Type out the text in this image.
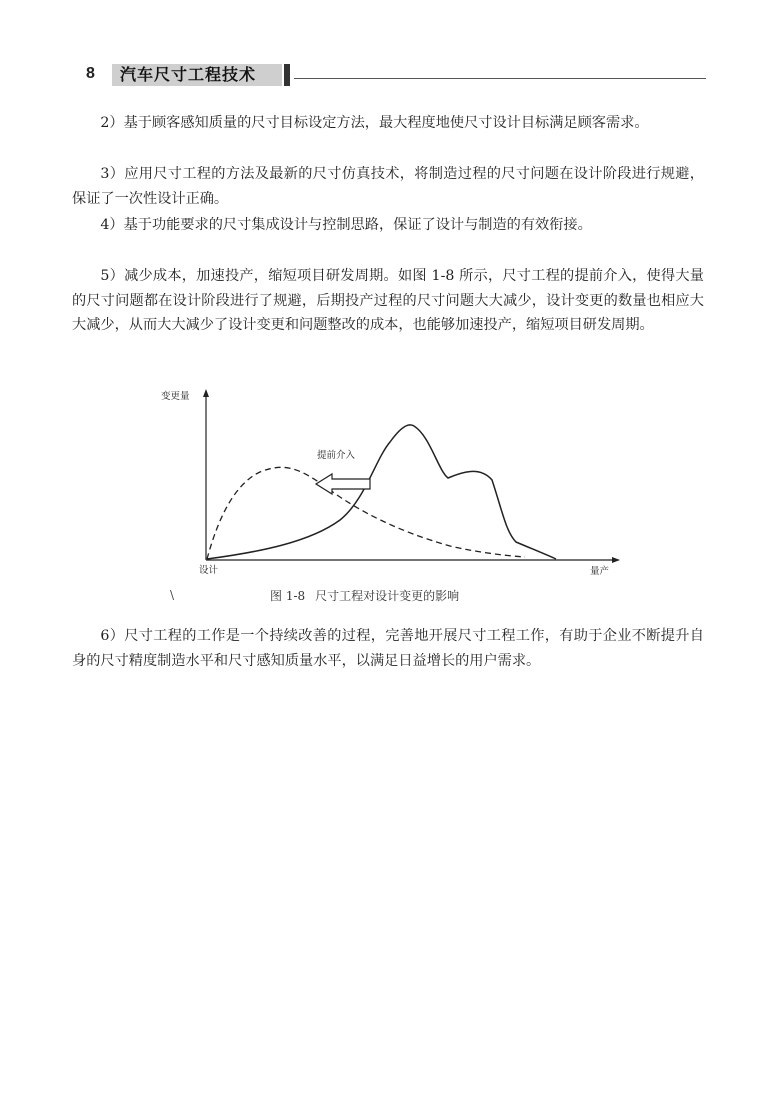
8	汽车尺寸工程技术

2）基于顾客感知质量的尺寸目标设定方法，最大程度地使尺寸设计目标满足顾客需求。

3）应用尺寸工程的方法及最新的尺寸仿真技术，将制造过程的尺寸问题在设计阶段进行规避，保证了一次性设计正确。

4）基于功能要求的尺寸集成设计与控制思路，保证了设计与制造的有效衔接。

5）减少成本，加速投产，缩短项目研发周期。如图 1-8 所示，尺寸工程的提前介入，使得大量的尺寸问题都在设计阶段进行了规避，后期投产过程的尺寸问题大大减少，设计变更的数量也相应大大减少，从而大大减少了设计变更和问题整改的成本，也能够加速投产，缩短项目研发周期。

变更量
设计	量产
提前介入
\	图 1-8 尺寸工程对设计变更的影响

6）尺寸工程的工作是一个持续改善的过程，完善地开展尺寸工程工作，有助于企业不断提升自身的尺寸精度制造水平和尺寸感知质量水平，以满足日益增长的用户需求。
